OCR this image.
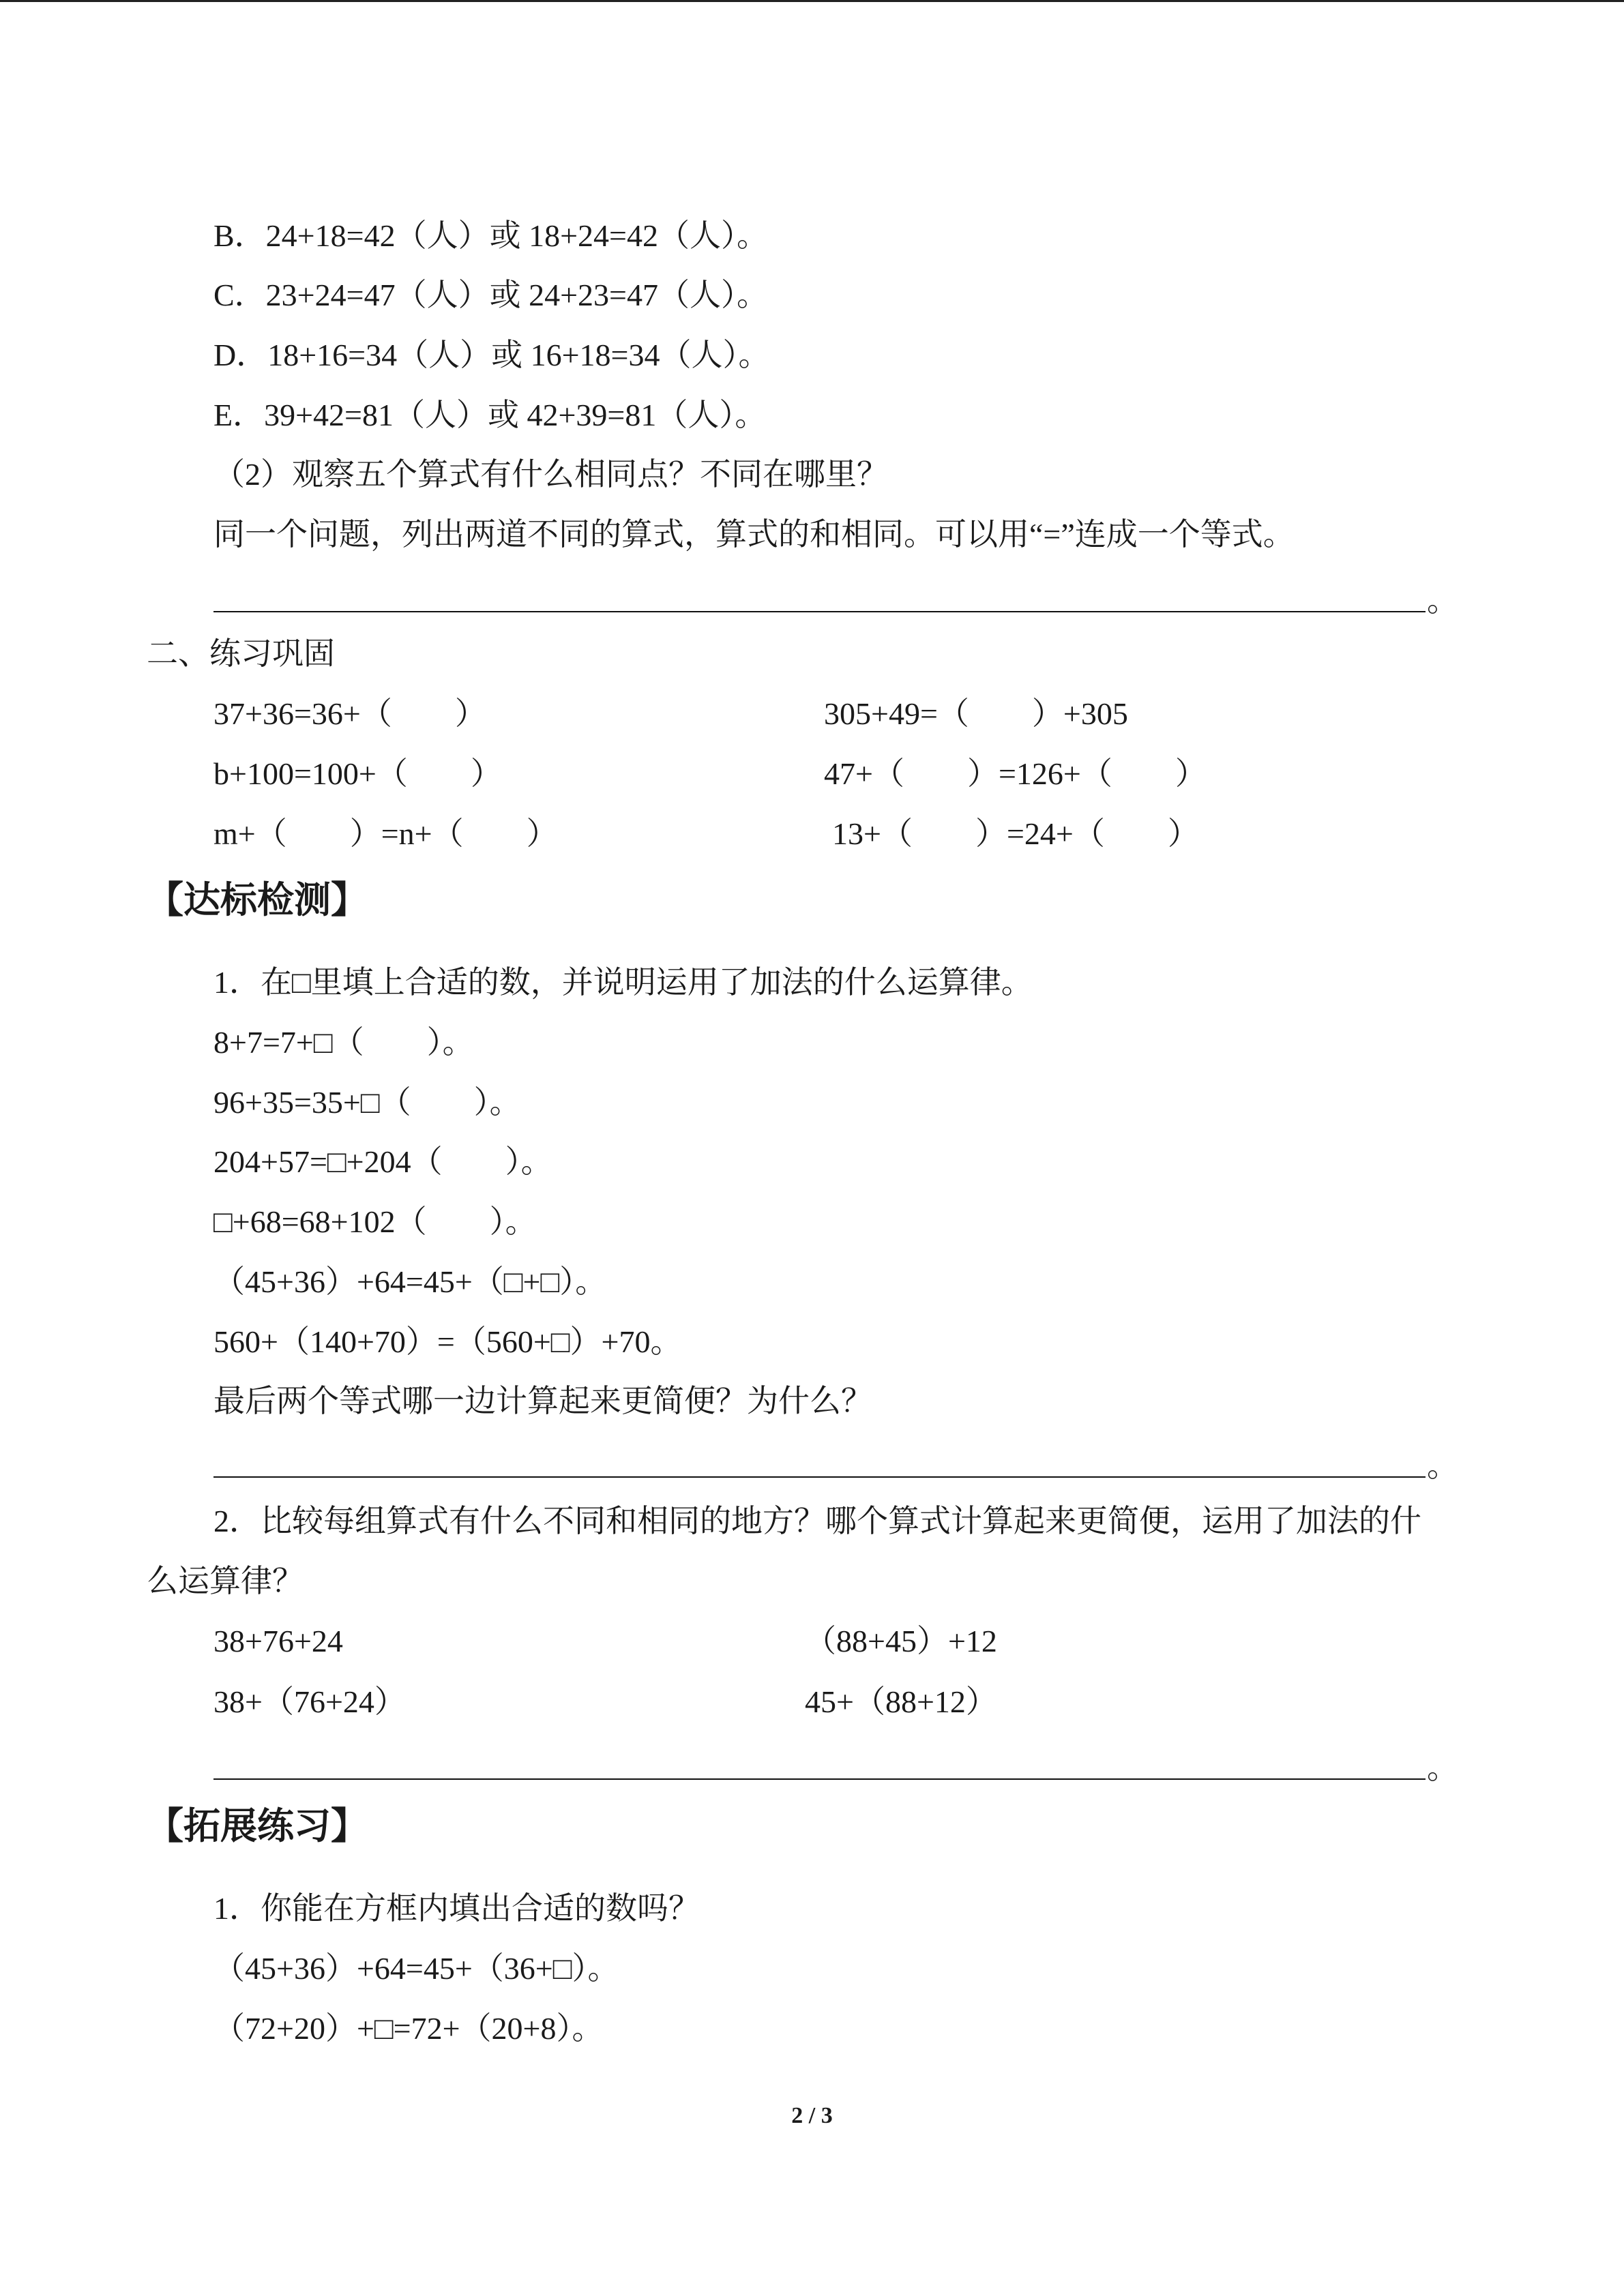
B．24+18=42（人）或 18+24=42（人）。
C．23+24=47（人）或 24+23=47（人）。
D．18+16=34（人）或 16+18=34（人）。
E．39+42=81（人）或 42+39=81（人）。
（2）观察五个算式有什么相同点？不同在哪里？
同一个问题，列出两道不同的算式，算式的和相同。可以用“=”连成一个等式。
。
二、练习巩固
37+36=36+（　　）
b+100=100+（　　）
m+（　　）=n+（　　）
305+49=（　　）+305
47+（　　）=126+（　　）
13+（　　）=24+（　　）
【达标检测】
1．在□里填上合适的数，并说明运用了加法的什么运算律。
8+7=7+□（　　）。
96+35=35+□（　　）。
204+57=□+204（　　）。
□+68=68+102（　　）。
（45+36）+64=45+（□+□）。
560+（140+70）=（560+□）+70。
最后两个等式哪一边计算起来更简便？为什么？
。
2．比较每组算式有什么不同和相同的地方？哪个算式计算起来更简便，运用了加法的什
么运算律？
38+76+24
38+（76+24）
（88+45）+12
45+（88+12）
。
【拓展练习】
1．你能在方框内填出合适的数吗？
（45+36）+64=45+（36+□）。
（72+20）+□=72+（20+8）。
2 / 3
